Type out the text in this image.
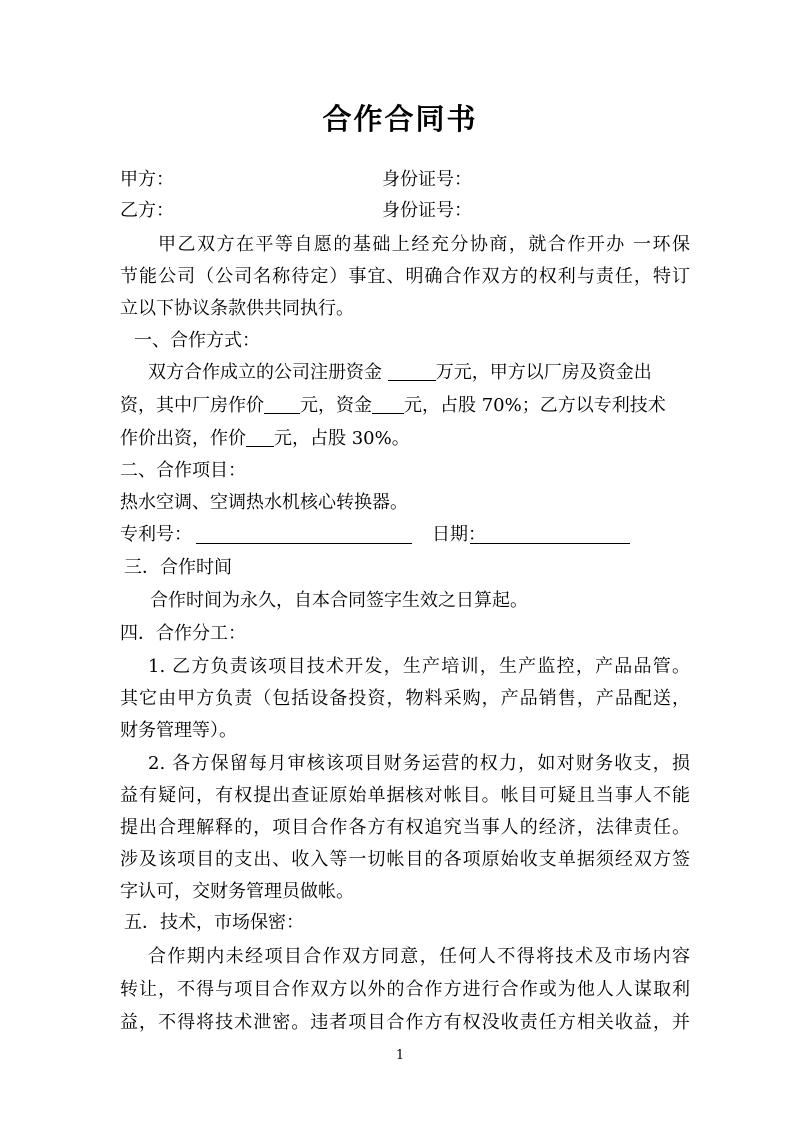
合作合同书
甲方：	身份证号：
乙方：	身份证号：
甲乙双方在平等自愿的基础上经充分协商，就合作开办 一环保
节能公司（公司名称待定）事宜、明确合作双方的权利与责任，特订
立以下协议条款供共同执行。
一、合作方式：
双方合作成立的公司注册资金	万元，甲方以厂房及资金出
资，其中厂房作价 元，资金 元，占股 70%；乙方以专利技术
作价出资，作价 元，占股 30%。
二、合作项目：
热水空调、空调热水机核心转换器。
专利号：	日期：
三．合作时间
合作时间为永久，自本合同签字生效之日算起。
四．合作分工：
1. 乙方负责该项目技术开发，生产培训，生产监控，产品品管。
其它由甲方负责（包括设备投资，物料采购，产品销售，产品配送，
财务管理等）。
2. 各方保留每月审核该项目财务运营的权力，如对财务收支，损
益有疑问，有权提出查证原始单据核对帐目。帐目可疑且当事人不能
提出合理解释的，项目合作各方有权追究当事人的经济，法律责任。
涉及该项目的支出、收入等一切帐目的各项原始收支单据须经双方签
字认可，交财务管理员做帐。
五．技术，市场保密：
合作期内未经项目合作双方同意，任何人不得将技术及市场内容
转让，不得与项目合作双方以外的合作方进行合作或为他人人谋取利
益，不得将技术泄密。违者项目合作方有权没收责任方相关收益，并
1
